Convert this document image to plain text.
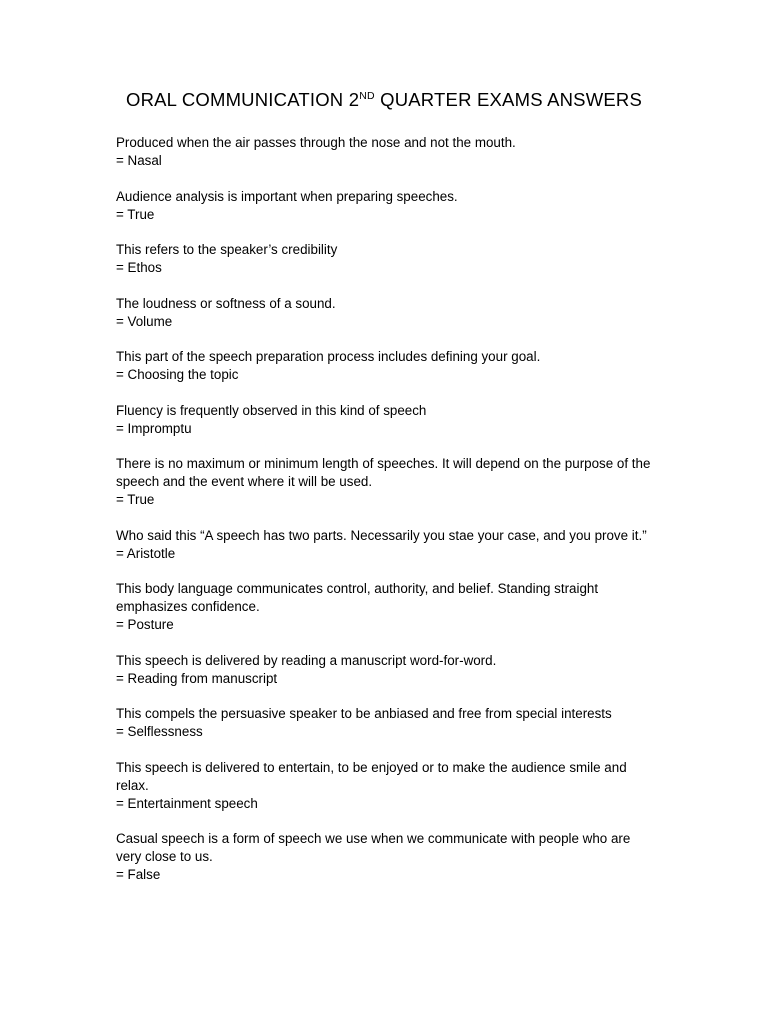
ORAL COMMUNICATION 2ND QUARTER EXAMS ANSWERS

Produced when the air passes through the nose and not the mouth.

= Nasal

Audience analysis is important when preparing speeches.

= True

This refers to the speaker’s credibility

= Ethos

The loudness or softness of a sound.

= Volume

This part of the speech preparation process includes defining your goal.

= Choosing the topic

Fluency is frequently observed in this kind of speech

= Impromptu

There is no maximum or minimum length of speeches. It will depend on the purpose of the speech and the event where it will be used.

= True

Who said this “A speech has two parts. Necessarily you stae your case, and you prove it.”

= Aristotle

This body language communicates control, authority, and belief. Standing straight emphasizes confidence.

= Posture

This speech is delivered by reading a manuscript word-for-word.

= Reading from manuscript

This compels the persuasive speaker to be anbiased and free from special interests

= Selflessness

This speech is delivered to entertain, to be enjoyed or to make the audience smile and relax.

= Entertainment speech

Casual speech is a form of speech we use when we communicate with people who are very close to us.

= False
